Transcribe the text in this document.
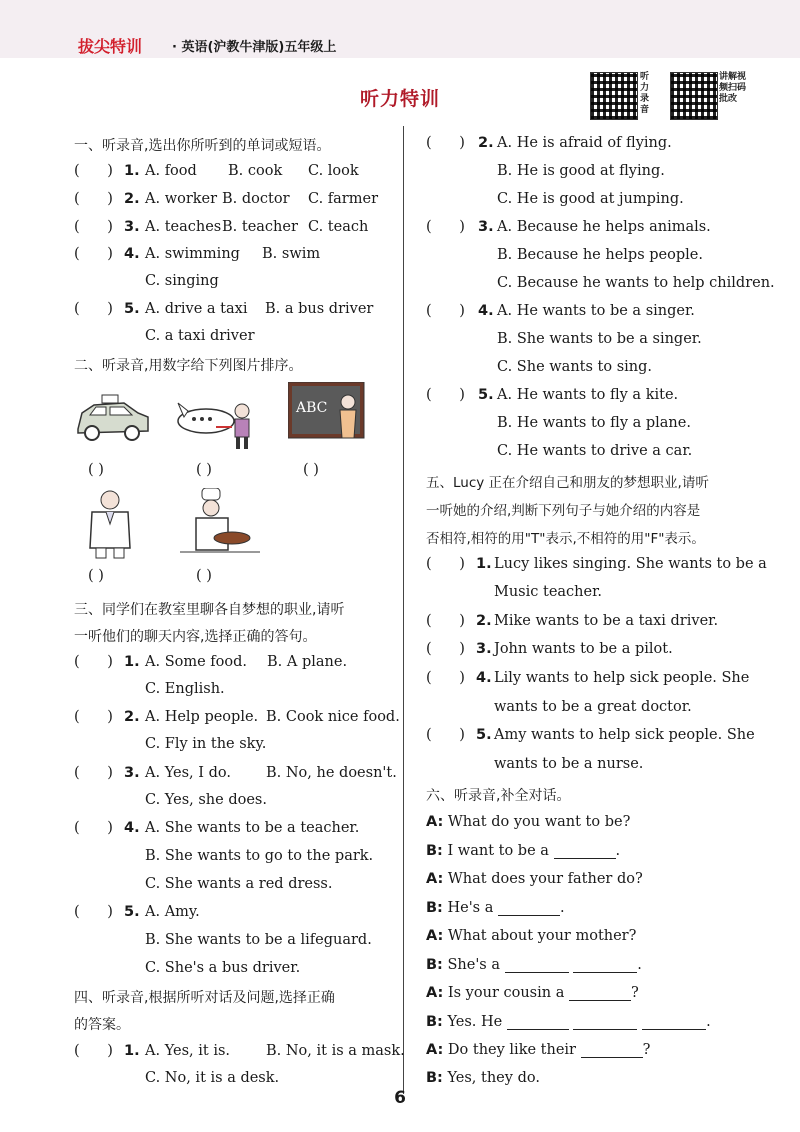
拔尖特训 · 英语(沪教牛津版)五年级上
听力特训
听力录音
讲解视频扫码批改
一、听录音,选出你所听到的单词或短语。
(      ) 1. A. food B. cook C. look
(      ) 2. A. worker B. doctor C. farmer
(      ) 3. A. teaches B. teacher C. teach
(      ) 4. A. swimming B. swim
C. singing
(      ) 5. A. drive a taxi B. a bus driver
C. a taxi driver
二、听录音,用数字给下列图片排序。
ABC
( )	( )	( )
( )	( )
三、同学们在教室里聊各自梦想的职业,请听
一听他们的聊天内容,选择正确的答句。
(      ) 1. A. Some food. B. A plane.
C. English.
(      ) 2. A. Help people. B. Cook nice food.
C. Fly in the sky.
(      ) 3. A. Yes, I do. B. No, he doesn't.
C. Yes, she does.
(      ) 4. A. She wants to be a teacher.
B. She wants to go to the park.
C. She wants a red dress.
(      ) 5. A. Amy.
B. She wants to be a lifeguard.
C. She's a bus driver.
四、听录音,根据所听对话及问题,选择正确
的答案。
(      ) 1. A. Yes, it is. B. No, it is a mask.
C. No, it is a desk.
(      ) 2. A. He is afraid of flying.
B. He is good at flying.
C. He is good at jumping.
(      ) 3. A. Because he helps animals.
B. Because he helps people.
C. Because he wants to help children.
(      ) 4. A. He wants to be a singer.
B. She wants to be a singer.
C. She wants to sing.
(      ) 5. A. He wants to fly a kite.
B. He wants to fly a plane.
C. He wants to drive a car.
五、Lucy 正在介绍自己和朋友的梦想职业,请听
一听她的介绍,判断下列句子与她介绍的内容是
否相符,相符的用"T"表示,不相符的用"F"表示。
(      ) 1. Lucy likes singing. She wants to be a
Music teacher.
(      ) 2. Mike wants to be a taxi driver.
(      ) 3. John wants to be a pilot.
(      ) 4. Lily wants to help sick people. She
wants to be a great doctor.
(      ) 5. Amy wants to help sick people. She
wants to be a nurse.
六、听录音,补全对话。
A: What do you want to be?
B: I want to be a	.
A: What does your father do?
B: He's a	.
A: What about your mother?
B: She's a	.
A: Is your cousin a	?
B: Yes. He	.
A: Do they like their	?
B: Yes, they do.
6
